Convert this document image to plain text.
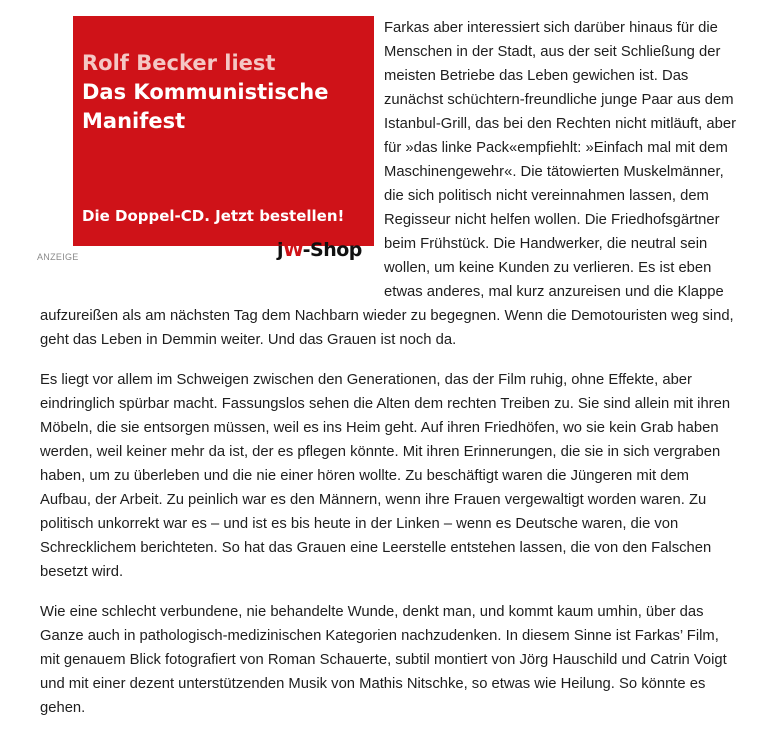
Farkas aber interessiert sich darüber hinaus für die Menschen in der Stadt, aus der seit Schließung der meisten Betriebe das Leben gewichen ist. Das zunächst schüchtern-freundliche junge Paar aus dem Istanbul-Grill, das bei den Rechten nicht mitläuft, aber für »das linke Pack«empfiehlt: »Einfach mal mit dem Maschinengewehr«. Die tätowierten Muskelmänner, die sich politisch nicht vereinnahmen lassen, dem Regisseur nicht helfen wollen. Die Friedhofsgärtner beim Frühstück. Die Handwerker, die neutral sein wollen, um keine Kunden zu verlieren. Es ist eben etwas anderes, mal kurz anzureisen und die Klappe aufzureißen als am nächsten Tag dem Nachbarn wieder zu begegnen. Wenn die Demotouristen weg sind, geht das Leben in Demmin weiter. Und das Grauen ist noch da.

Es liegt vor allem im Schweigen zwischen den Generationen, das der Film ruhig, ohne Effekte, aber eindringlich spürbar macht. Fassungslos sehen die Alten dem rechten Treiben zu. Sie sind allein mit ihren Möbeln, die sie entsorgen müssen, weil es ins Heim geht. Auf ihren Friedhöfen, wo sie kein Grab haben werden, weil keiner mehr da ist, der es pflegen könnte. Mit ihren Erinnerungen, die sie in sich vergraben haben, um zu überleben und die nie einer hören wollte. Zu beschäftigt waren die Jüngeren mit dem Aufbau, der Arbeit. Zu peinlich war es den Männern, wenn ihre Frauen vergewaltigt worden waren. Zu politisch unkorrekt war es – und ist es bis heute in der Linken – wenn es Deutsche waren, die von Schrecklichem berichteten. So hat das Grauen eine Leerstelle entstehen lassen, die von den Falschen besetzt wird.

Wie eine schlecht verbundene, nie behandelte Wunde, denkt man, und kommt kaum umhin, über das Ganze auch in pathologisch-medizinischen Kategorien nachzudenken. In diesem Sinne ist Farkas’ Film, mit genauem Blick fotografiert von Roman Schauerte, subtil montiert von Jörg Hauschild und Catrin Voigt und mit einer dezent unterstützenden Musik von Mathis Nitschke, so etwas wie Heilung. So könnte es gehen.

Rolf Becker liest
Das Kommunistische Manifest
Die Doppel-CD. Jetzt bestellen!
ANZEIGE	jW-Shop
